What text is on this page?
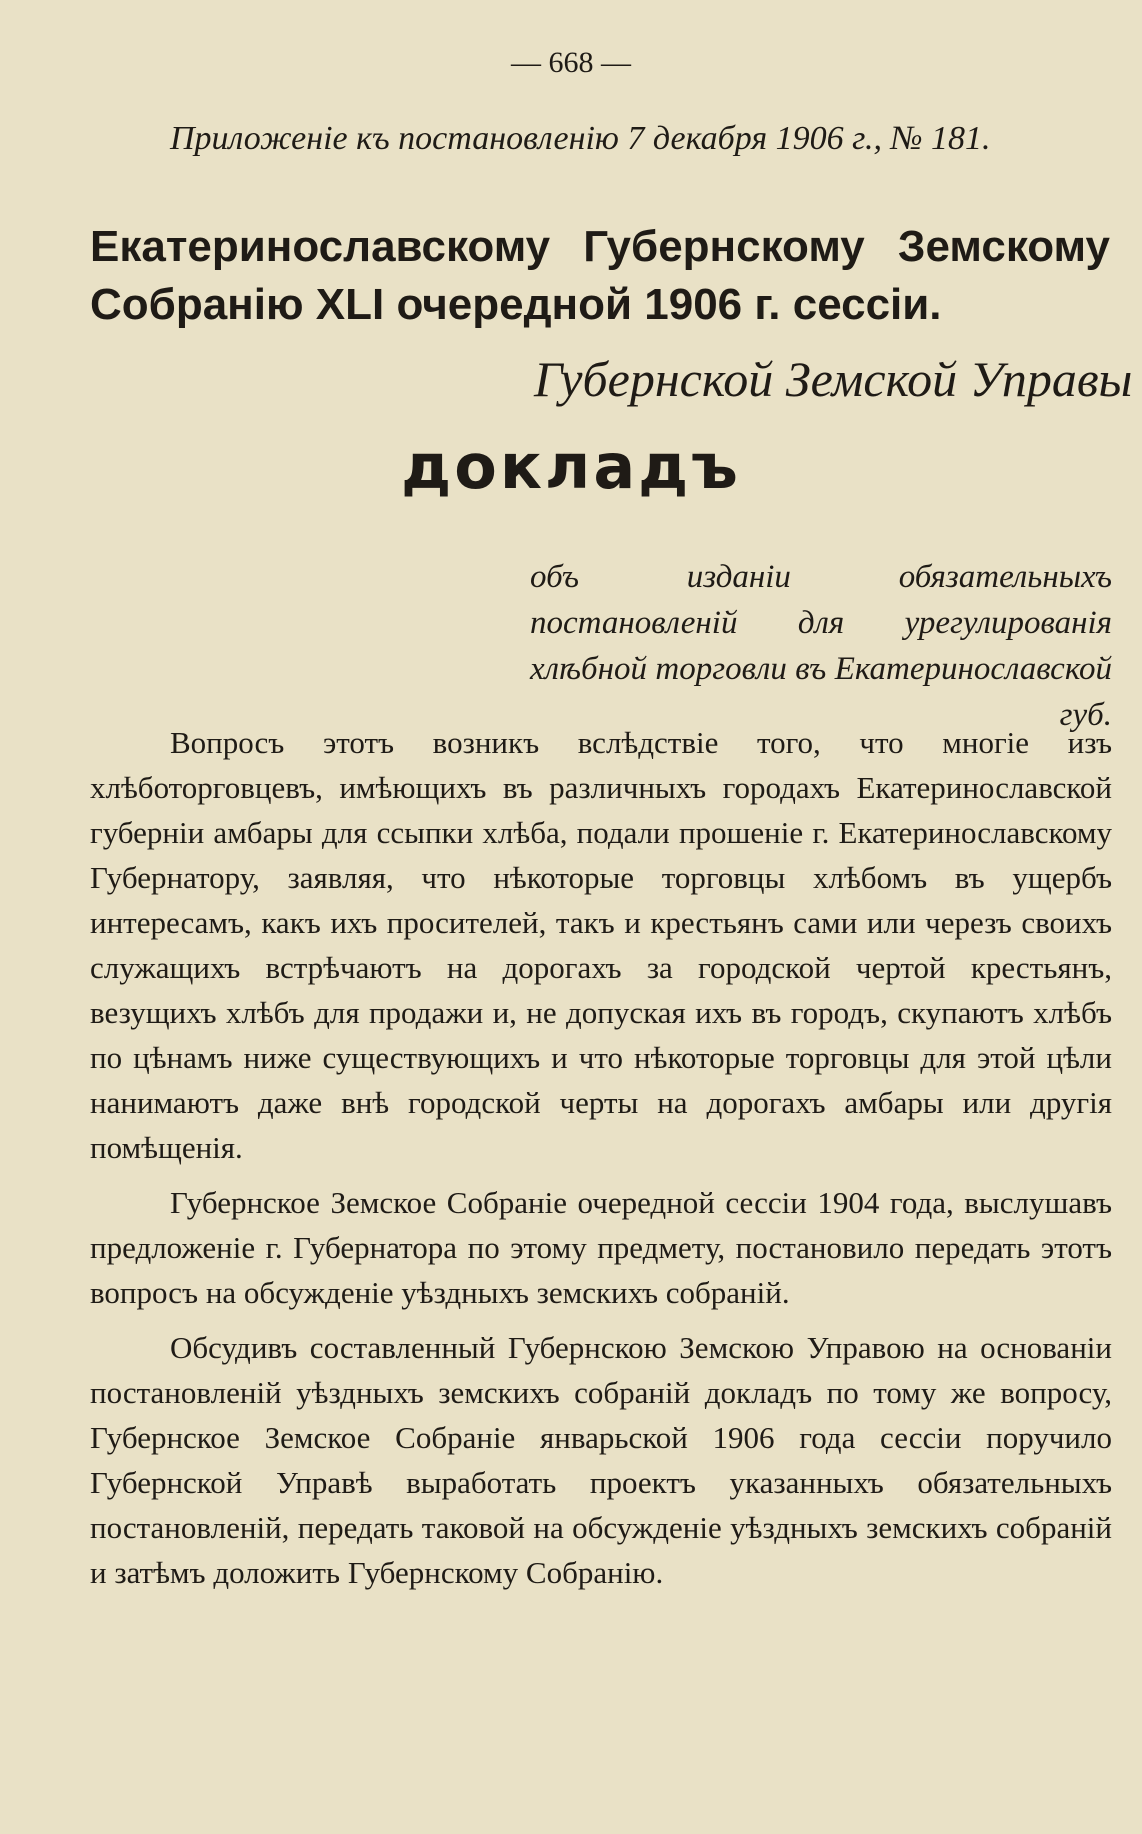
— 668 —
Приложеніе къ постановленію 7 декабря 1906 г., № 181.
Екатеринославскому Губернскому Земскому Собранію XLI очередной 1906 г. сессіи.
Губернской Земской Управы
докладъ

объ изданіи обязательныхъ постановленій для урегулированія хлѣбной торговли въ Екатеринославской губ.

Вопросъ этотъ возникъ вслѣдствіе того, что многіе изъ хлѣботорговцевъ, имѣющихъ въ различныхъ городахъ Екатеринославской губерніи амбары для ссыпки хлѣба, подали прошеніе г. Екатеринославскому Губернатору, заявляя, что нѣкоторые торговцы хлѣбомъ въ ущербъ интересамъ, какъ ихъ просителей, такъ и крестьянъ сами или черезъ своихъ служащихъ встрѣчаютъ на дорогахъ за городской чертой крестьянъ, везущихъ хлѣбъ для продажи и, не допуская ихъ въ городъ, скупаютъ хлѣбъ по цѣнамъ ниже существующихъ и что нѣкоторые торговцы для этой цѣли нанимаютъ даже внѣ городской черты на дорогахъ амбары или другія помѣщенія.

Губернское Земское Собраніе очередной сессіи 1904 года, выслушавъ предложеніе г. Губернатора по этому предмету, постановило передать этотъ вопросъ на обсужденіе уѣздныхъ земскихъ собраній.

Обсудивъ составленный Губернскою Земскою Управою на основаніи постановленій уѣздныхъ земскихъ собраній докладъ по тому же вопросу, Губернское Земское Собраніе январьской 1906 года сессіи поручило Губернской Управѣ выработать проектъ указанныхъ обязательныхъ постановленій, передать таковой на обсужденіе уѣздныхъ земскихъ собраній и затѣмъ доложить Губернскому Собранію.
